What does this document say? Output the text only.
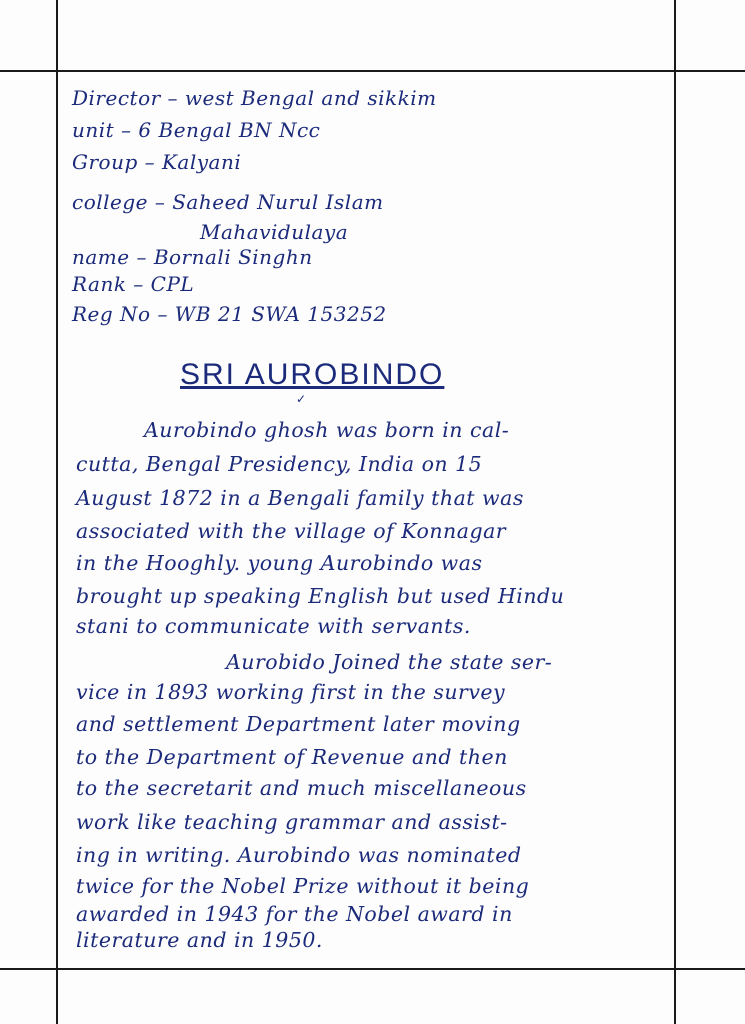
Director – west Bengal and sikkim
unit – 6 Bengal BN Ncc
Group – Kalyani
college – Saheed Nurul Islam
Mahavidulaya
name – Bornali Singhn
Rank – CPL
Reg No – WB 21 SWA 153252
SRI AUROBINDO
✓
Aurobindo ghosh was born in cal-
cutta, Bengal Presidency, India on 15
August 1872 in a Bengali family that was
associated with the village of Konnagar
in the Hooghly. young Aurobindo was
brought up speaking English but used Hindu
stani to communicate with servants.
Aurobido Joined the state ser-
vice in 1893 working first in the survey
and settlement Department later moving
to the Department of Revenue and then
to the secretarit and much miscellaneous
work like teaching grammar and assist-
ing in writing. Aurobindo was nominated
twice for the Nobel Prize without it being
awarded in 1943 for the Nobel award in
literature and in 1950.
